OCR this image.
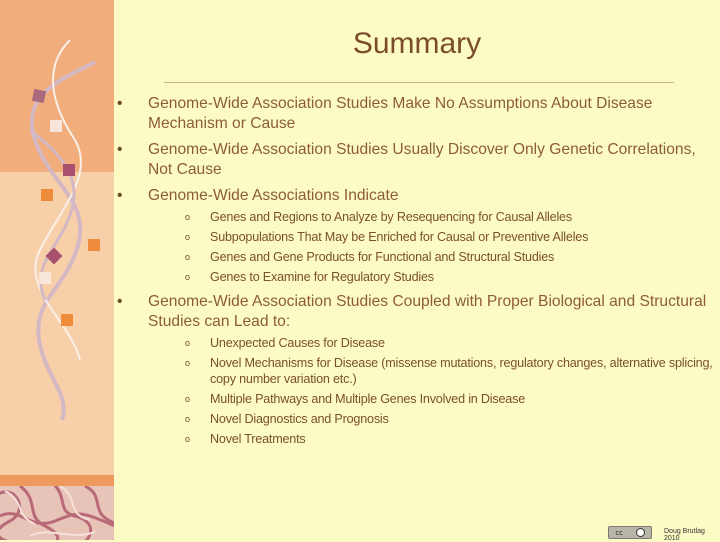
Summary
•	Genome-Wide Association Studies Make No Assumptions About Disease Mechanism or Cause
•	Genome-Wide Association Studies Usually Discover Only Genetic Correlations, Not Cause
•	Genome-Wide Associations Indicate
o	Genes and Regions to Analyze by Resequencing for Causal Alleles
o	Subpopulations That May be Enriched for Causal or Preventive Alleles
o	Genes and Gene Products for Functional and Structural Studies
o	Genes to Examine for Regulatory Studies
•	Genome-Wide Association Studies Coupled with Proper Biological and Structural Studies can Lead to:
o	Unexpected Causes for Disease
o	Novel Mechanisms for Disease (missense mutations, regulatory changes, alternative splicing, copy number variation etc.)
o	Multiple Pathways and Multiple Genes Involved in Disease
o	Novel Diagnostics and Prognosis
o	Novel Treatments
cc	Doug Brutlag 2010
